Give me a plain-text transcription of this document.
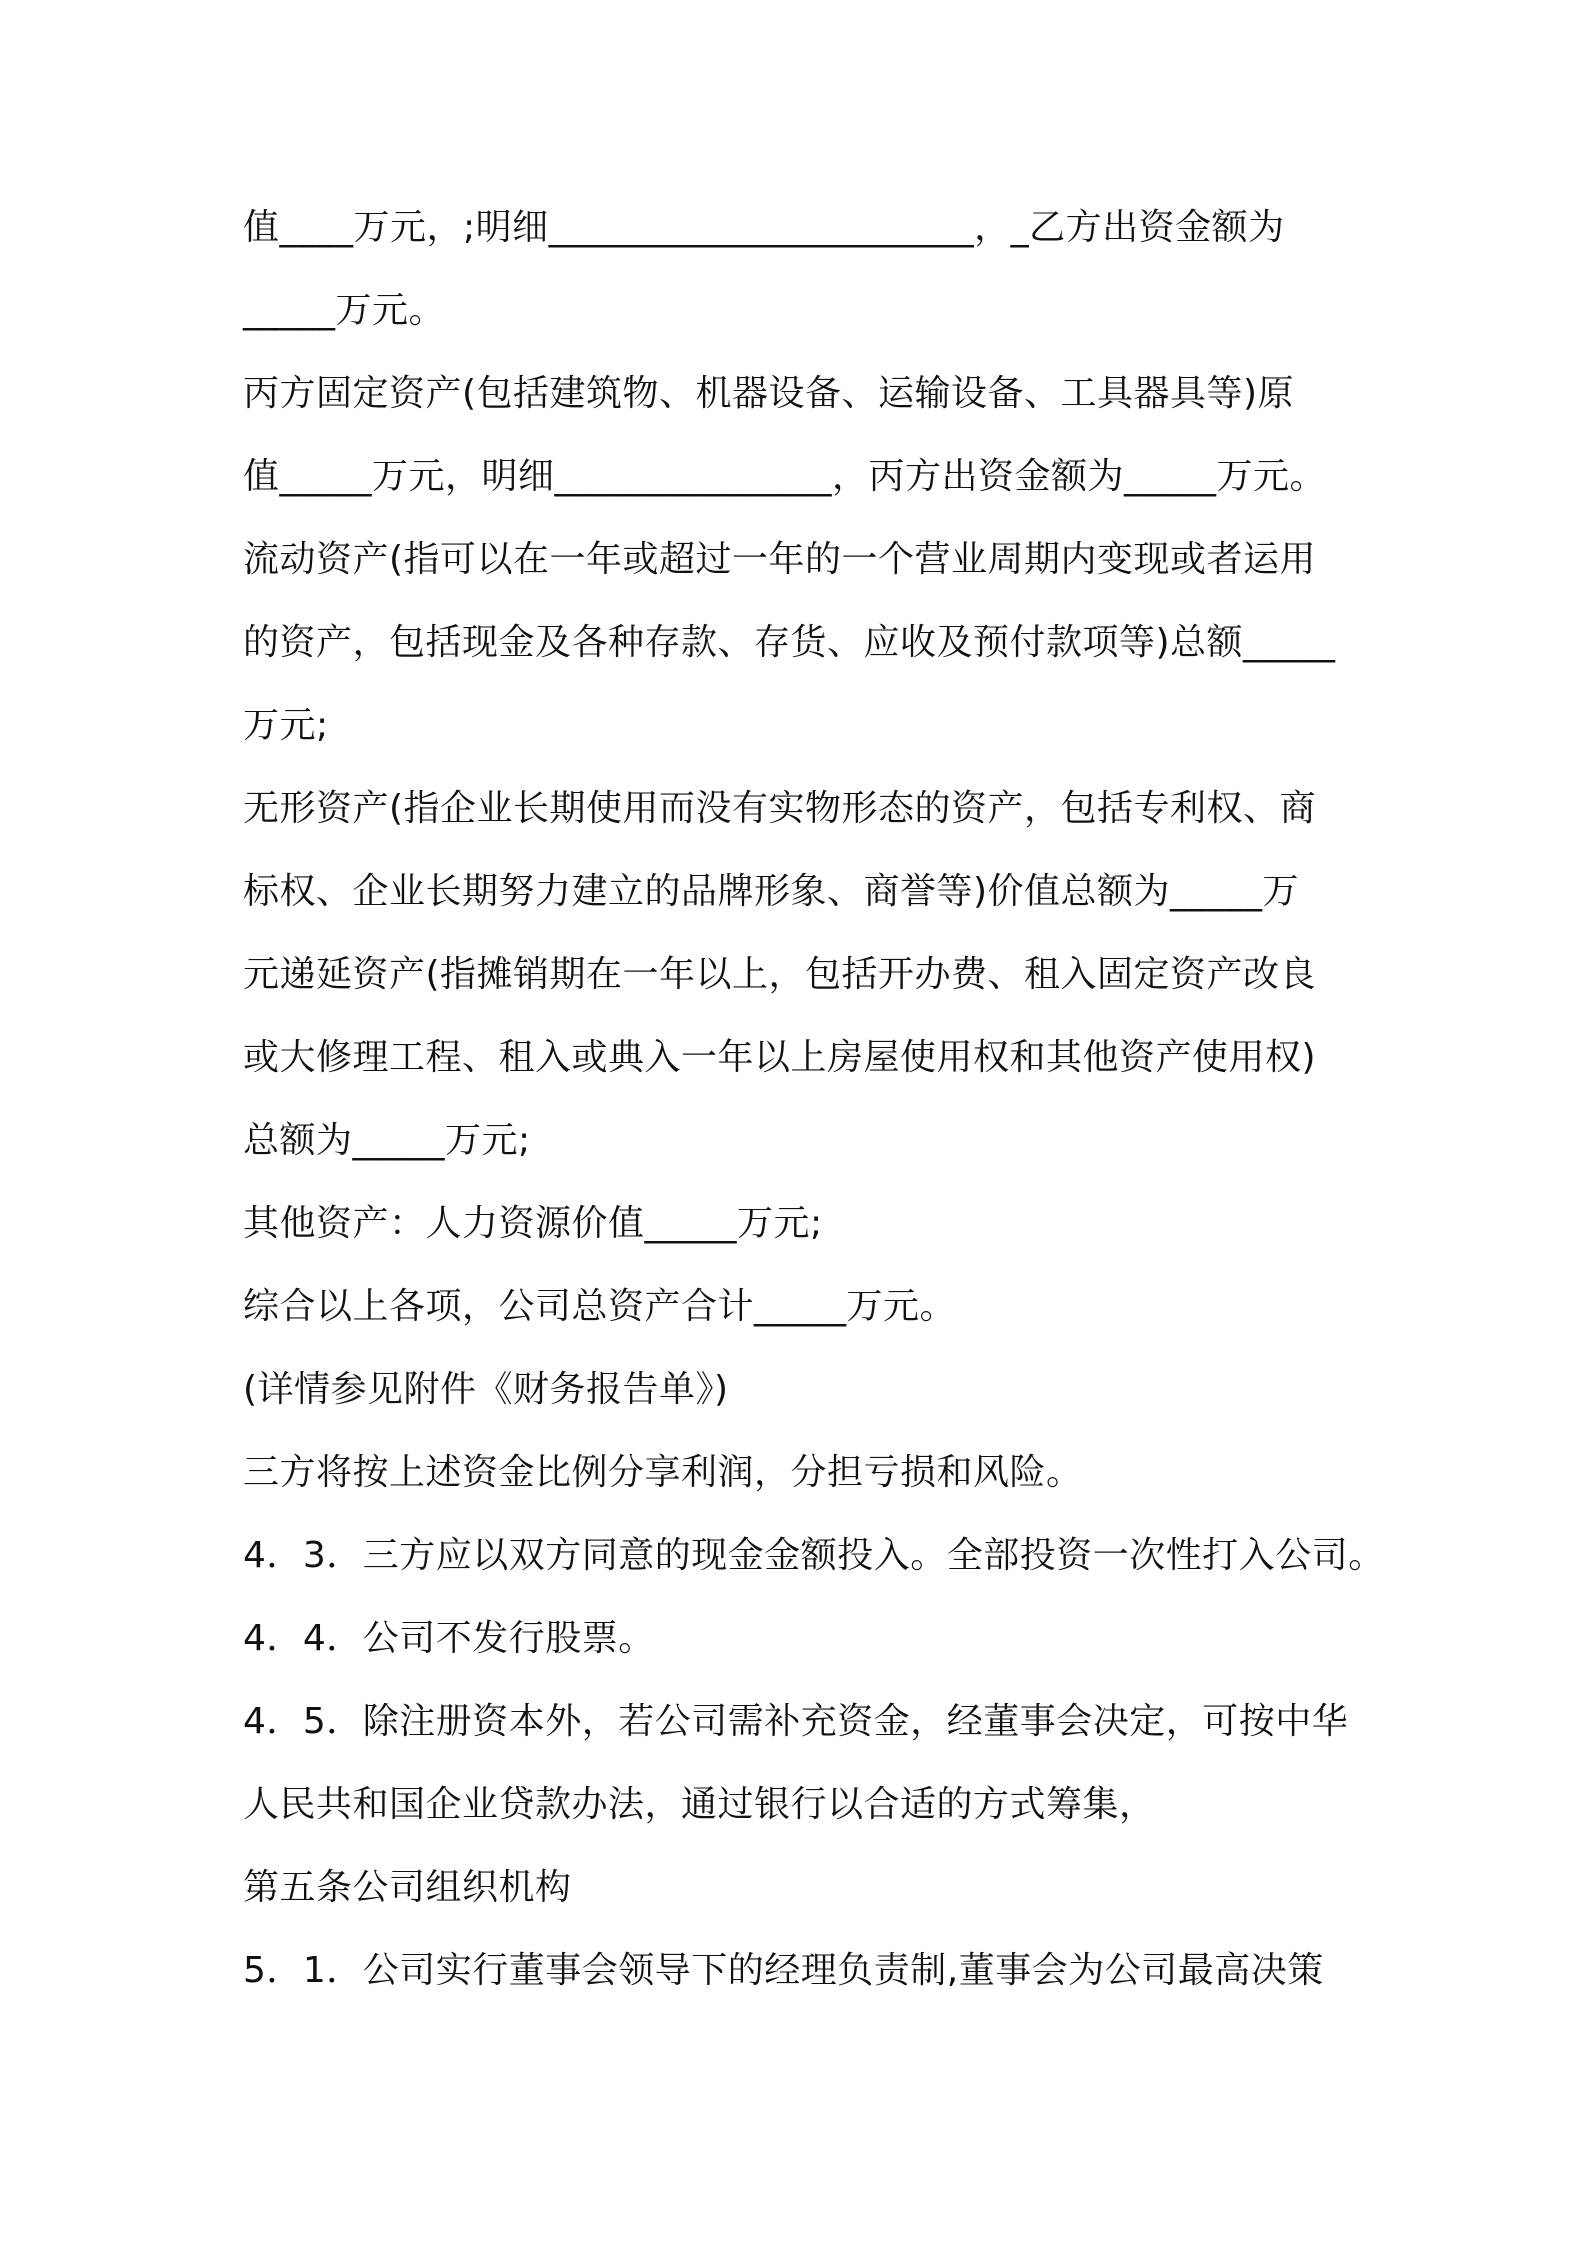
值____万元，;明细_______________________，_乙方出资金额为
_____万元。
丙方固定资产(包括建筑物、机器设备、运输设备、工具器具等)原
值_____万元，明细_______________，丙方出资金额为_____万元。
流动资产(指可以在一年或超过一年的一个营业周期内变现或者运用
的资产，包括现金及各种存款、存货、应收及预付款项等)总额_____
万元;
无形资产(指企业长期使用而没有实物形态的资产，包括专利权、商
标权、企业长期努力建立的品牌形象、商誉等)价值总额为_____万
元递延资产(指摊销期在一年以上，包括开办费、租入固定资产改良
或大修理工程、租入或典入一年以上房屋使用权和其他资产使用权)
总额为_____万元;
其他资产：人力资源价值_____万元;
综合以上各项，公司总资产合计_____万元。
(详情参见附件《财务报告单》)
三方将按上述资金比例分享利润，分担亏损和风险。
4．3．三方应以双方同意的现金金额投入。全部投资一次性打入公司。
4．4．公司不发行股票。
4．5．除注册资本外，若公司需补充资金，经董事会决定，可按中华
人民共和国企业贷款办法，通过银行以合适的方式筹集，
第五条公司组织机构
5．1．公司实行董事会领导下的经理负责制,董事会为公司最高决策
